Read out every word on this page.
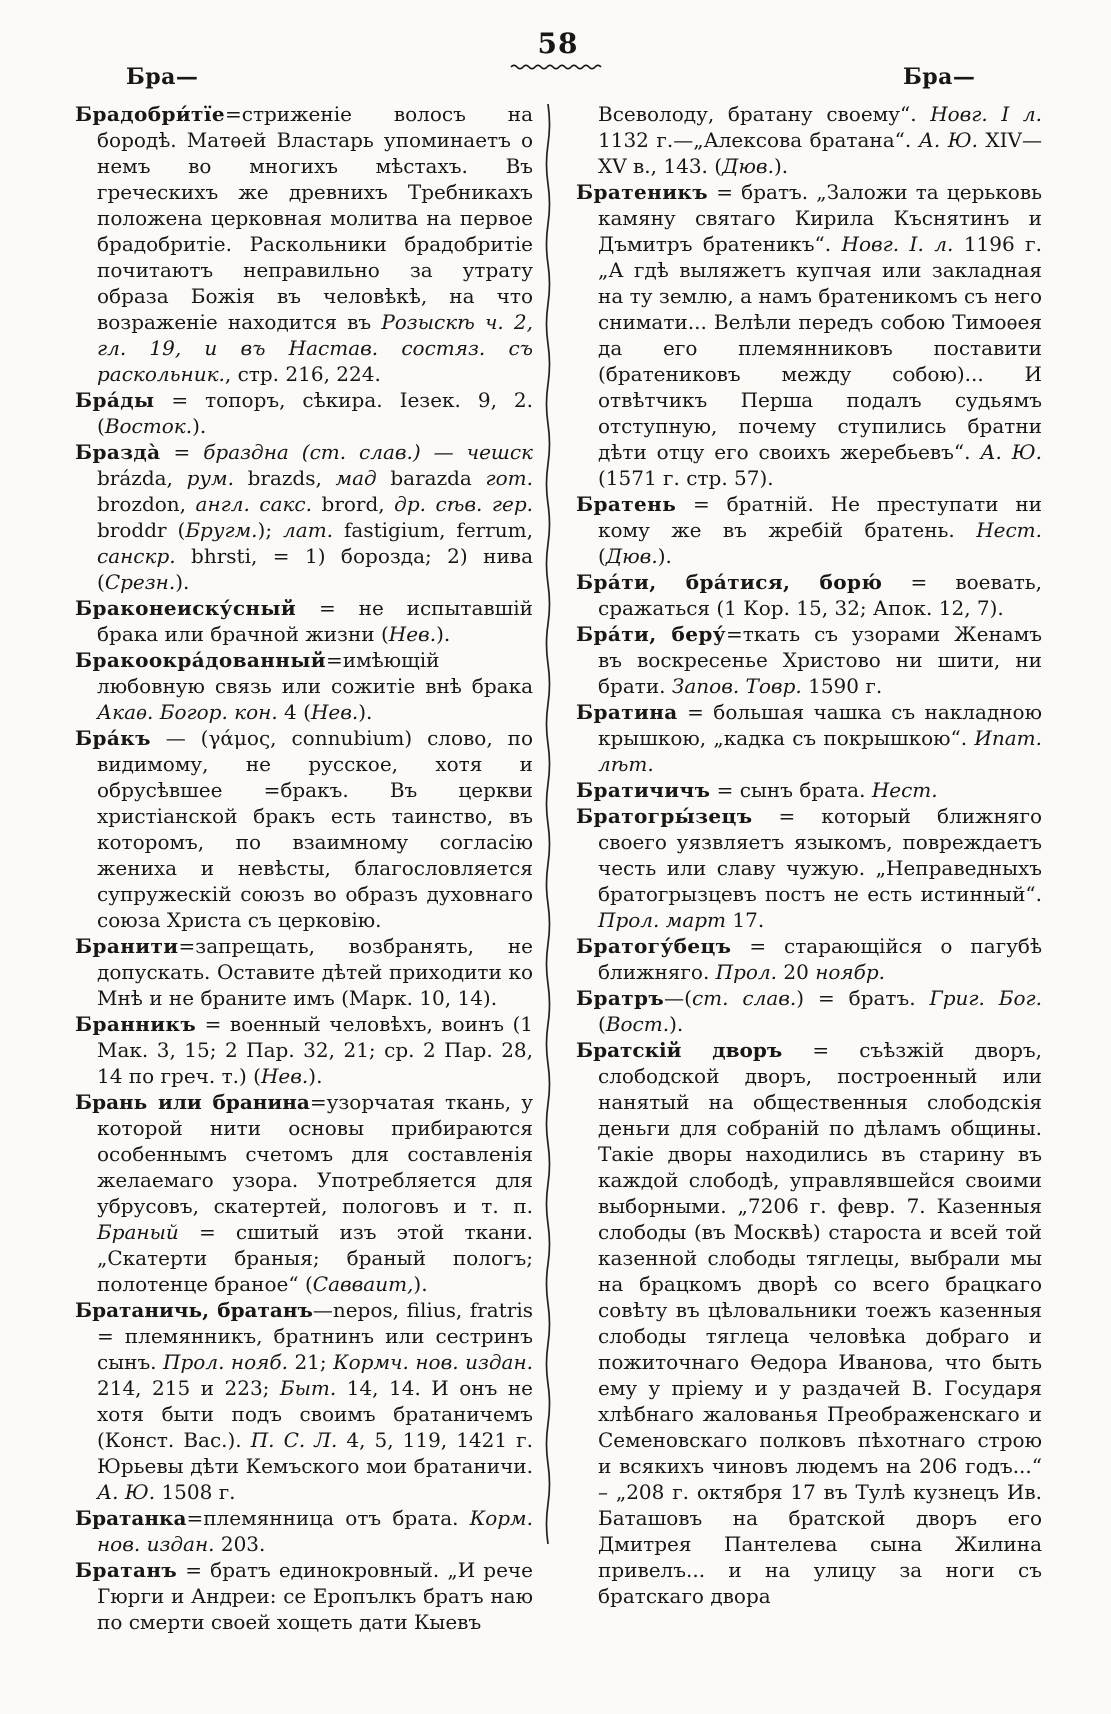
58
Бра—	Бра—

Брадобри́тїе=стриженіе волосъ на бородѣ. Матѳей Властарь упоминаетъ о немъ во многихъ мѣстахъ. Въ греческихъ же древнихъ Требникахъ положена церковная молитва на первое брадобритіе. Раскольники брадобритіе почитаютъ неправильно за утрату образа Божія въ человѣкѣ, на что возраженіе находится въ Розыскѣ ч. 2, гл. 19, и въ Настав. состяз. съ раскольник., стр. 216, 224.

Бра́ды = топоръ, сѣкира. Іезек. 9, 2. (Восток.).

Бразда̀ = браздна (ст. слав.) — чешск brázda, рум. brazds, мад barazda гот. brozdon, англ. сакс. brord, др. сѣв. гер. broddr (Бругм.); лат. fastigium, ferrum, санскр. bhrsti, = 1) борозда; 2) нива (Срезн.).

Браконеиску́сный = не испытавшій брака или брачной жизни (Нев.).

Бракоокра́дованный=имѣющій любовную связь или сожитіе внѣ брака Акаѳ. Богор. кон. 4 (Нев.).

Бра́къ — (γάμος, connubium) слово, по видимому, не русское, хотя и обрусѣвшее =бракъ. Въ церкви христіанской бракъ есть таинство, въ которомъ, по взаимному согласію жениха и невѣсты, благословляется супружескій союзъ во образъ духовнаго союза Христа съ церковію.

Бранити=запрещать, возбранять, не допускать. Оставите дѣтей приходити ко Мнѣ и не браните имъ (Марк. 10, 14).

Бранникъ = военный человѣхъ, воинъ (1 Мак. 3, 15; 2 Пар. 32, 21; ср. 2 Пар. 28, 14 по греч. т.) (Нев.).

Брань или бранина=узорчатая ткань, у которой нити основы прибираются особеннымъ счетомъ для составленія желаемаго узора. Употребляется для убрусовъ, скатертей, пологовъ и т. п. Браный = сшитый изъ этой ткани. „Скатерти браныя; браный пологъ; полотенце браное“ (Савваит,).

Братаничь, братанъ—nepos, filius, fratris = племянникъ, братнинъ или сестринъ сынъ. Прол. нояб. 21; Кормч. нов. издан. 214, 215 и 223; Быт. 14, 14. И онъ не хотя быти подъ своимъ братаничемъ (Конст. Вас.). П. С. Л. 4, 5, 119, 1421 г. Юрьевы дѣти Кемъского мои братаничи. А. Ю. 1508 г.

Братанка=племянница отъ брата. Корм. нов. издан. 203.

Братанъ = братъ единокровный. „И рече Гюрги и Андреи: се Еропълкъ братъ наю по смерти своей хощеть дати Кыевъ

Всеволоду, братану своему“. Новг. I л. 1132 г.—„Алексова братана“. А. Ю. XIV—XV в., 143. (Дюв.).

Братеникъ = братъ. „Заложи та церьковь камяну святаго Кирила Къснятинъ и Дъмитръ братеникъ“. Новг. I. л. 1196 г. „А гдѣ выляжетъ купчая или закладная на ту землю, а намъ братеникомъ съ него снимати... Велѣли передъ собою Тимоѳея да его племянниковъ поставити (братениковъ между собою)... И отвѣтчикъ Перша подалъ судьямъ отступную, почему ступились братни дѣти отцу его своихъ жеребьевъ“. А. Ю. (1571 г. стр. 57).

Братень = братній. Не преступати ни кому же въ жребій братень. Нест. (Дюв.).

Бра́ти, бра́тися, борю́ = воевать, сражаться (1 Кор. 15, 32; Апок. 12, 7).

Бра́ти, беру́=ткать съ узорами Женамъ въ воскресенье Христово ни шити, ни брати. Запов. Товр. 1590 г.

Братина = большая чашка съ накладною крышкою, „кадка съ покрышкою“. Ипат. лѣт.

Братичичъ = сынъ брата. Нест.

Братогры́зецъ = который ближняго своего уязвляетъ языкомъ, повреждаетъ честь или славу чужую. „Неправедныхъ братогрызцевъ постъ не есть истинный“. Прол. март 17.

Братогу́бецъ = старающійся о пагубѣ ближняго. Прол. 20 ноябр.

Братръ—(ст. слав.) = братъ. Григ. Бог. (Вост.).

Братскій дворъ = съѣзжій дворъ, слободской дворъ, построенный или нанятый на общественныя слободскія деньги для собраній по дѣламъ общины. Такіе дворы находились въ старину въ каждой слободѣ, управлявшейся своими выборными. „7206 г. февр. 7. Казенныя слободы (въ Москвѣ) староста и всей той казенной слободы тяглецы, выбрали мы на брацкомъ дворѣ со всего брацкаго совѣту въ цѣловальники тоежъ казенныя слободы тяглеца человѣка добраго и пожиточнаго Ѳедора Иванова, что быть ему у пріему и у раздачей В. Государя хлѣбнаго жалованья Преображенскаго и Семеновскаго полковъ пѣхотнаго строю и всякихъ чиновъ людемъ на 206 годъ...“ – „208 г. октября 17 въ Тулѣ кузнецъ Ив. Баташовъ на братской дворъ его Дмитрея Пантелева сына Жилина привелъ... и на улицу за ноги съ братскаго двора
